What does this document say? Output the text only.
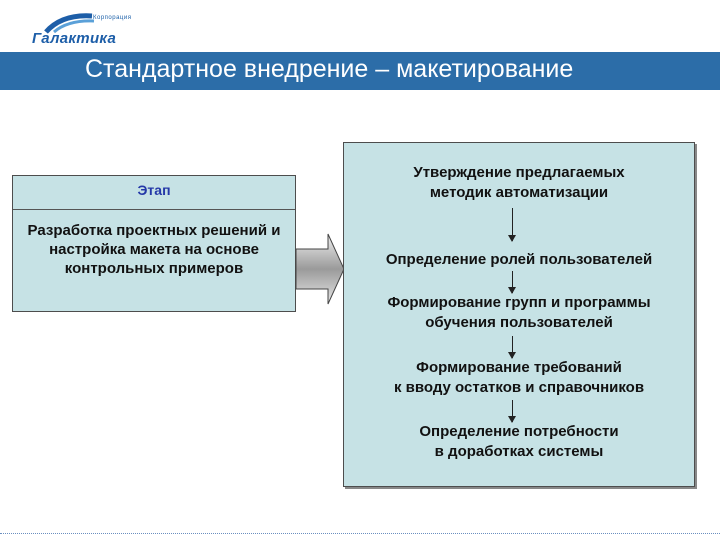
Корпорация
Галактика
Стандартное внедрение – макетирование
Этап
Разработка проектных решений и настройка макета на основе контрольных примеров
Утверждение предлагаемых
методик автоматизации
Определение ролей пользователей
Формирование групп и программы
обучения пользователей
Формирование требований
к вводу остатков и справочников
Определение потребности
в доработках системы
